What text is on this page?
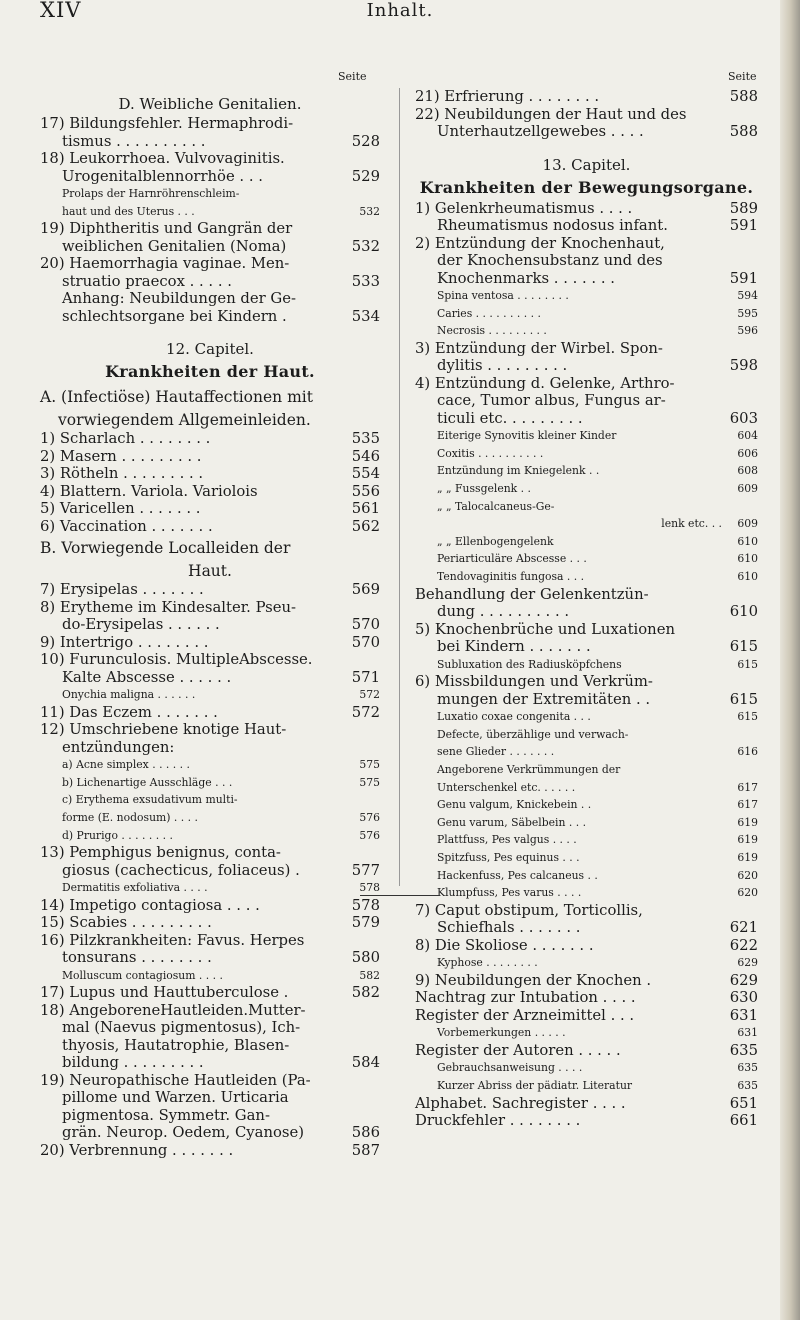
XIV	Inhalt.
Seite
D. Weibliche Genitalien.
17) Bildungsfehler. Hermaphrodi-
tismus . . . . . . . . . .	528
18) Leukorrhoea. Vulvovaginitis.
Urogenitalblennorrhöe . . .	529
Prolaps der Harnröhrenschleim-
haut und des Uterus . . .	532
19) Diphtheritis und Gangrän der
weiblichen Genitalien (Noma)	532
20) Haemorrhagia vaginae. Men-
struatio praecox . . . . .	533
Anhang: Neubildungen der Ge-
schlechtsorgane bei Kindern .	534
12. Capitel.
Krankheiten der Haut.
A. (Infectiöse) Hautaffectionen mit
vorwiegendem Allgemeinleiden.
1) Scharlach . . . . . . . .	535
2) Masern . . . . . . . . .	546
3) Rötheln . . . . . . . . .	554
4) Blattern. Variola. Variolois	556
5) Varicellen . . . . . . .	561
6) Vaccination . . . . . . .	562
B. Vorwiegende Localleiden der
Haut.
7) Erysipelas . . . . . . .	569
8) Erytheme im Kindesalter. Pseu-
do-Erysipelas . . . . . .	570
9) Intertrigo . . . . . . . .	570
10) Furunculosis. MultipleAbscesse.
Kalte Abscesse . . . . . .	571
Onychia maligna . . . . . .	572
11) Das Eczem . . . . . . .	572
12) Umschriebene knotige Haut-
entzündungen:
a) Acne simplex . . . . . .	575
b) Lichenartige Ausschläge . . .	575
c) Erythema exsudativum multi-
forme (E. nodosum) . . . .	576
d) Prurigo . . . . . . . .	576
13) Pemphigus benignus, conta-
giosus (cachecticus, foliaceus) .	577
Dermatitis exfoliativa . . . .	578
14) Impetigo contagiosa . . . .	578
15) Scabies . . . . . . . . .	579
16) Pilzkrankheiten: Favus. Herpes
tonsurans . . . . . . . .	580
Molluscum contagiosum . . . .	582
17) Lupus und Hauttuberculose .	582
18) AngeboreneHautleiden.Mutter-
mal (Naevus pigmentosus), Ich-
thyosis, Hautatrophie, Blasen-
bildung . . . . . . . . .	584
19) Neuropathische Hautleiden (Pa-
pillome und Warzen. Urticaria
pigmentosa. Symmetr. Gan-
grän. Neurop. Oedem, Cyanose)	586
20) Verbrennung . . . . . . .	587
Seite
21) Erfrierung . . . . . . . .	588
22) Neubildungen der Haut und des
Unterhautzellgewebes . . . .	588
13. Capitel.
Krankheiten der Bewegungsorgane.
1) Gelenkrheumatismus . . . .	589
Rheumatismus nodosus infant.	591
2) Entzündung der Knochenhaut,
der Knochensubstanz und des
Knochenmarks . . . . . . .	591
Spina ventosa . . . . . . . .	594
Caries . . . . . . . . . .	595
Necrosis . . . . . . . . .	596
3) Entzündung der Wirbel. Spon-
dylitis . . . . . . . . .	598
4) Entzündung d. Gelenke, Arthro-
cace, Tumor albus, Fungus ar-
ticuli etc. . . . . . . . .	603
Eiterige Synovitis kleiner Kinder	604
Coxitis . . . . . . . . . .	606
Entzündung im Kniegelenk . .	608
„ „ Fussgelenk . .	609
„ „ Talocalcaneus-Ge-
lenk etc. . .	609
„ „ Ellenbogengelenk	610
Periarticuläre Abscesse . . .	610
Tendovaginitis fungosa . . .	610
Behandlung der Gelenkentzün-
dung . . . . . . . . . .	610
5) Knochenbrüche und Luxationen
bei Kindern . . . . . . .	615
Subluxation des Radiusköpfchens	615
6) Missbildungen und Verkrüm-
mungen der Extremitäten . .	615
Luxatio coxae congenita . . .	615
Defecte, überzählige und verwach-
sene Glieder . . . . . . .	616
Angeborene Verkrümmungen der
Unterschenkel etc. . . . . .	617
Genu valgum, Knickebein . .	617
Genu varum, Säbelbein . . .	619
Plattfuss, Pes valgus . . . .	619
Spitzfuss, Pes equinus . . .	619
Hackenfuss, Pes calcaneus . .	620
Klumpfuss, Pes varus . . . .	620
7) Caput obstipum, Torticollis,
Schiefhals . . . . . . .	621
8) Die Skoliose . . . . . . .	622
Kyphose . . . . . . . .	629
9) Neubildungen der Knochen .	629
Nachtrag zur Intubation . . . .	630
Register der Arzneimittel . . .	631
Vorbemerkungen . . . . .	631
Register der Autoren . . . . .	635
Gebrauchsanweisung . . . .	635
Kurzer Abriss der pädiatr. Literatur	635
Alphabet. Sachregister . . . .	651
Druckfehler . . . . . . . .	661
